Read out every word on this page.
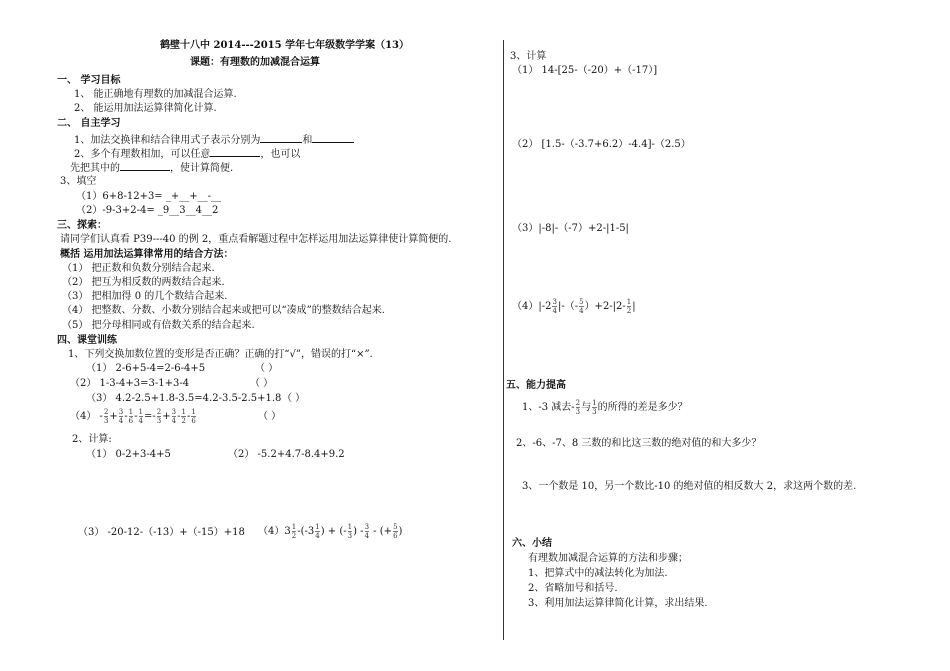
鹤壁十八中 2014---2015 学年七年级数学学案（13）
课题：有理数的加减混合运算
一、 学习目标
1、 能正确地有理数的加减混合运算.
2、 能运用加法运算律简化计算.
二、 自主学习
1、加法交换律和结合律用式子表示分别为	和
2、多个有理数相加，可以任意	，也可以
先把其中的	，使计算简便.
3、填空
（1）6+8-12+3= _+__+__-__
（2）-9-3+2-4= _9__3__4__2
三、探索：
请同学们认真看 P39---40 的例 2，重点看解题过程中怎样运用加法运算律使计算简便的.
概括 运用加法运算律常用的结合方法：
（1） 把正数和负数分别结合起来.
（2） 把互为相反数的两数结合起来.
（3） 把相加得 0 的几个数结合起来.
（4） 把整数、分数、小数分别结合起来或把可以“凑成”的整数结合起来.
（5） 把分母相同或有倍数关系的结合起来.
四、课堂训练
1、下列交换加数位置的变形是否正确？正确的打“√”，错误的打“×”.
（1） 2-6+5-4=2-6-4+5	（ ）
（2） 1-3-4+3=3-1+3-4	（ ）
（3） 4.2-2.5+1.8-3.5=4.2-3.5-2.5+1.8 （ ）
$(4) - \frac{2}{3} + \frac{3}{4} - \frac{1}{6} - \frac{1}{4} =- \frac{2}{3} + \frac{3}{4} - \frac{1}{2} - \frac{1}{6}$	（ ）
2、计算:
（1） 0-2+3-4+5	（2） -5.2+4.7-8.4+9.2
（3） -20-12-（-13）+（-15）+18 $(4)3 \frac{1}{2} -(-3 \frac{1}{4}$ ) + (- $\frac{1}{3}$ ) - $\frac{3}{4}$ - (+ $\frac{5}{6}$ )
3、计算
（1） 14-[25-（-20）+（-17）]
（2） [1.5-（-3.7+6.2）-4.4]-（2.5）
（3）|-8|-（-7）+2-|1-5|
$(4)|-2 \frac{3}{4}$ |-（- $\frac{5}{4} )+2-|2- \frac{1}{2}$ |
五、能力提高
1、-3 减去- $\frac{2}{3}$ 与 $\frac{1}{3}$ 的所得的差是多少？
2、-6、-7、8 三数的和比这三数的绝对值的和大多少？
3、一个数是 10，另一个数比-10 的绝对值的相反数大 2，求这两个数的差.
六、小结
有理数加减混合运算的方法和步骤；
1、把算式中的减法转化为加法.
2、省略加号和括号.
3、利用加法运算律简化计算，求出结果.
